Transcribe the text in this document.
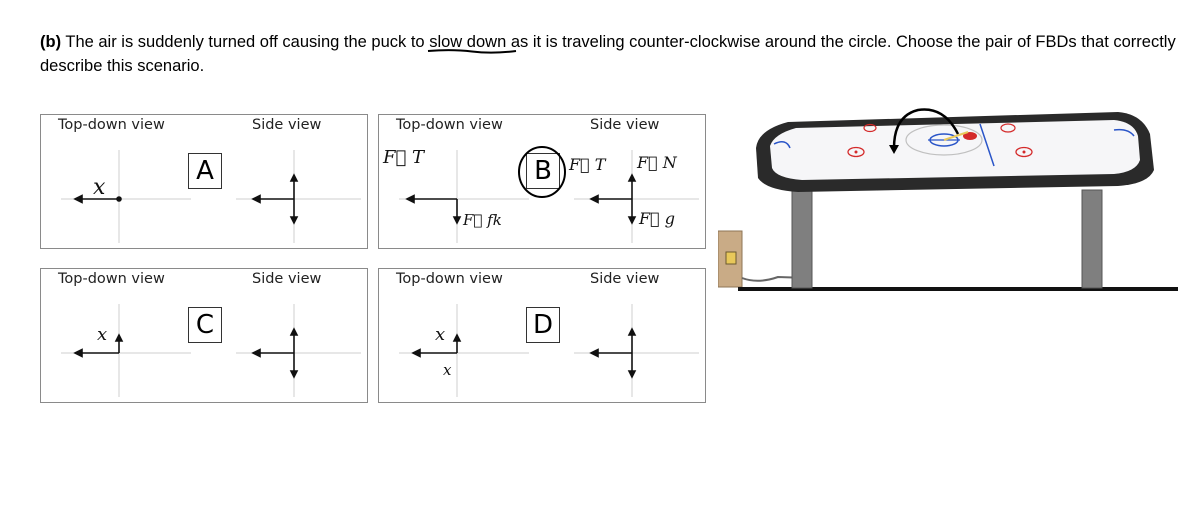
(b) The air is suddenly turned off causing the puck to slow down
as it is traveling counter-clockwise around the circle. Choose the pair of FBDs that correctly describe this scenario.

Top-down view	Side view
A
x
Top-down view	Side view
B
F⃗ T
F⃗ fk
F⃗ T F⃗ N
F⃗ g
Top-down view	Side view
C
x
Top-down view	Side view
D
x
x
